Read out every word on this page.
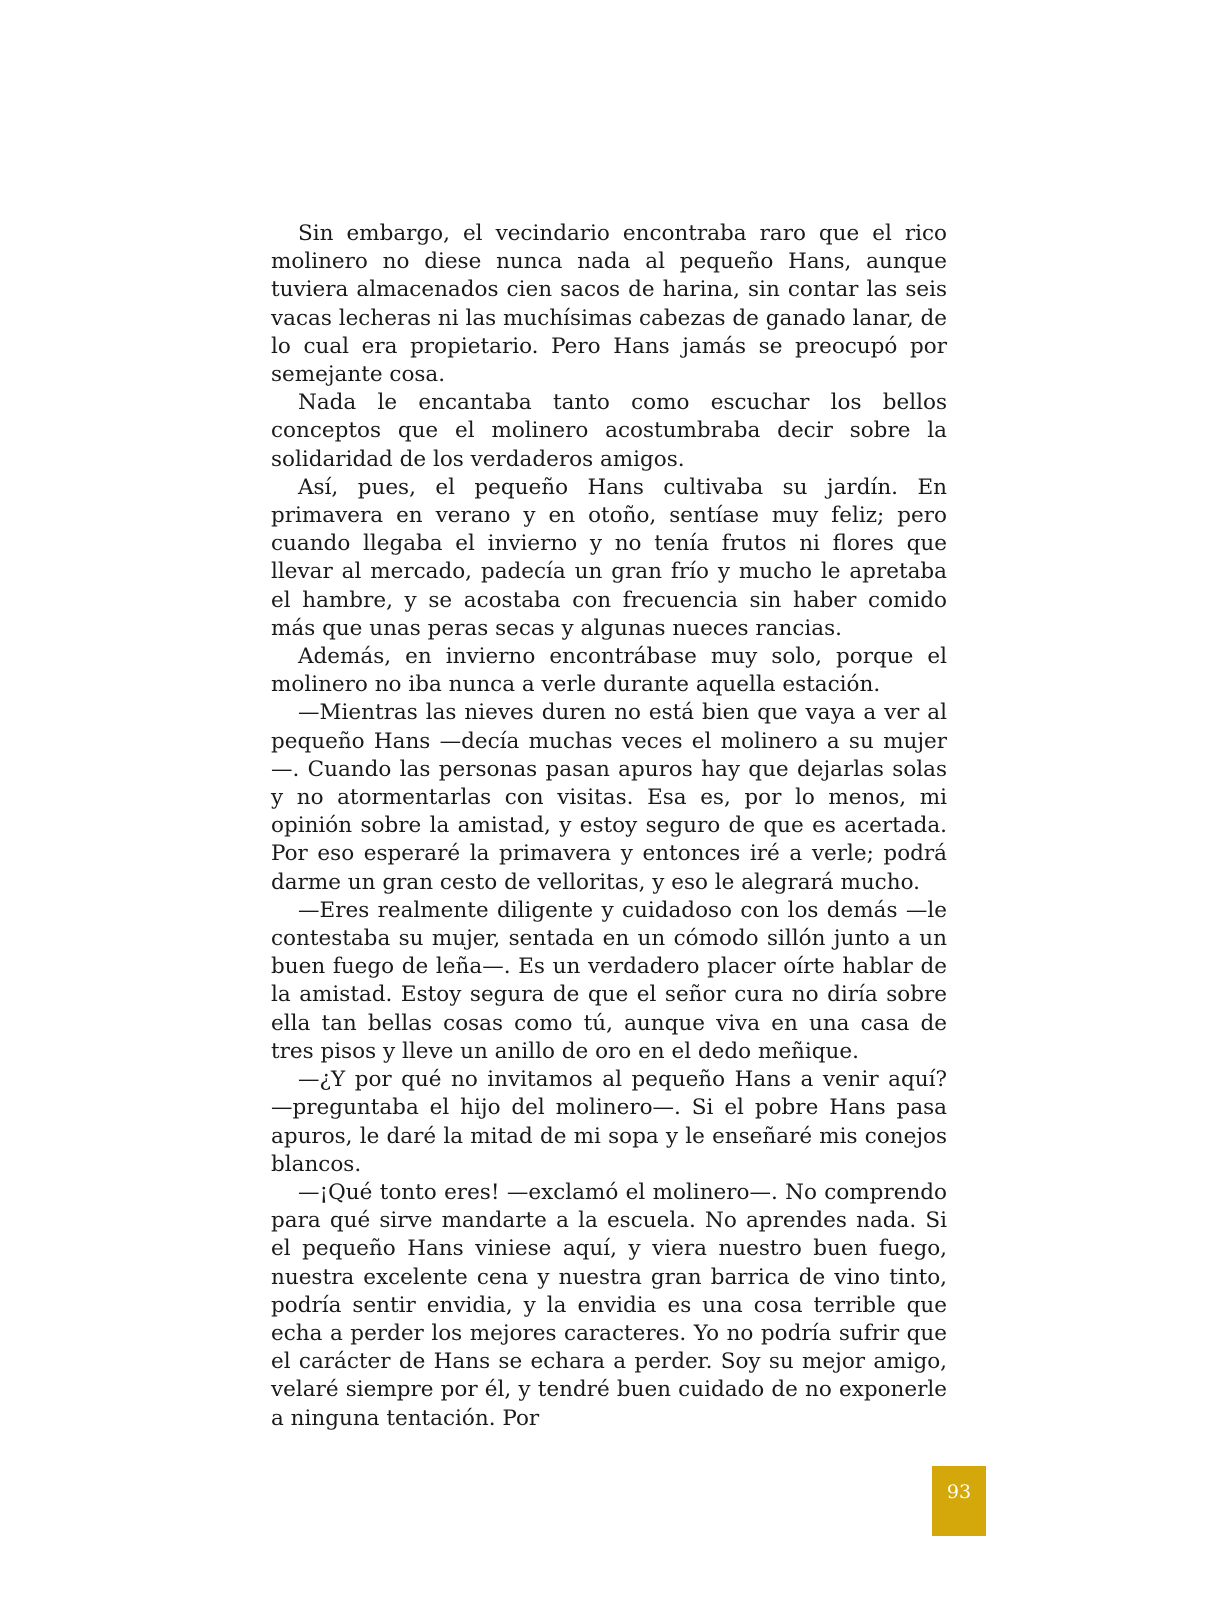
Sin embargo, el vecindario encontraba raro que el rico molinero no diese nunca nada al pequeño Hans, aunque tuviera almacenados cien sacos de harina, sin contar las seis vacas lecheras ni las muchísimas cabezas de ganado lanar, de lo cual era propietario. Pero Hans jamás se preocupó por semejante cosa.

Nada le encantaba tanto como escuchar los bellos conceptos que el molinero acostumbraba decir sobre la solidaridad de los verdaderos amigos.

Así, pues, el pequeño Hans cultivaba su jardín. En primavera en verano y en otoño, sentíase muy feliz; pero cuando llegaba el invierno y no tenía frutos ni flores que llevar al mercado, padecía un gran frío y mucho le apretaba el hambre, y se acostaba con frecuencia sin haber comido más que unas peras secas y algunas nueces rancias.

Además, en invierno encontrábase muy solo, porque el molinero no iba nunca a verle durante aquella estación.

—Mientras las nieves duren no está bien que vaya a ver al pequeño Hans —decía muchas veces el molinero a su mujer—. Cuando las personas pasan apuros hay que dejarlas solas y no atormentarlas con visitas. Esa es, por lo menos, mi opinión sobre la amistad, y estoy seguro de que es acertada. Por eso esperaré la primavera y entonces iré a verle; podrá darme un gran cesto de velloritas, y eso le alegrará mucho.

—Eres realmente diligente y cuidadoso con los demás —le contestaba su mujer, sentada en un cómodo sillón junto a un buen fuego de leña—. Es un verdadero placer oírte hablar de la amistad. Estoy segura de que el señor cura no diría sobre ella tan bellas cosas como tú, aunque viva en una casa de tres pisos y lleve un anillo de oro en el dedo meñique.

—¿Y por qué no invitamos al pequeño Hans a venir aquí? —preguntaba el hijo del molinero—. Si el pobre Hans pasa apuros, le daré la mitad de mi sopa y le enseñaré mis conejos blancos.

—¡Qué tonto eres! —exclamó el molinero—. No comprendo para qué sirve mandarte a la escuela. No aprendes nada. Si el pequeño Hans viniese aquí, y viera nuestro buen fuego, nuestra excelente cena y nuestra gran barrica de vino tinto, podría sentir envidia, y la envidia es una cosa terrible que echa a perder los mejores caracteres. Yo no podría sufrir que el carácter de Hans se echara a perder. Soy su mejor amigo, velaré siempre por él, y tendré buen cuidado de no exponerle a ninguna tentación. Por

93
